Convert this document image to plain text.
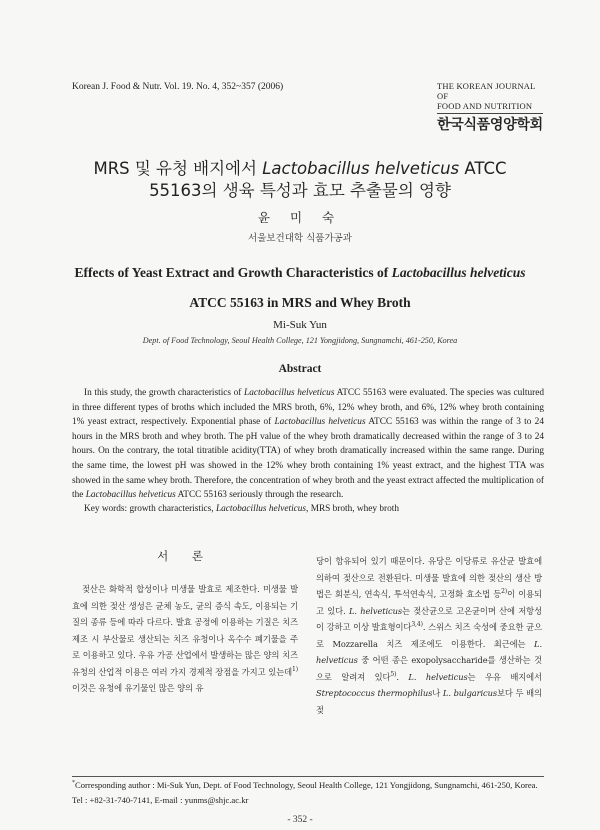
Korean J. Food & Nutr. Vol. 19. No. 4, 352~357 (2006)	THE KOREAN JOURNAL OF
FOOD AND NUTRITION
한국식품영양학회
MRS 및 유청 배지에서 Lactobacillus helveticus ATCC
55163의 생육 특성과 효모 추출물의 영향
윤 미 숙
서울보건대학 식품가공과
Effects of Yeast Extract and Growth Characteristics of Lactobacillus helveticus
ATCC 55163 in MRS and Whey Broth
Mi-Suk Yun
Dept. of Food Technology, Seoul Health College, 121 Yongjidong, Sungnamchi, 461-250, Korea
Abstract
In this study, the growth characteristics of Lactobacillus helveticus ATCC 55163 were evaluated. The species was cultured in three different types of broths which included the MRS broth, 6%, 12% whey broth, and 6%, 12% whey broth containing 1% yeast extract, respectively. Exponential phase of Lactobacillus helveticus ATCC 55163 was within the range of 3 to 24 hours in the MRS broth and whey broth. The pH value of the whey broth dramatically decreased within the range of 3 to 24 hours. On the contrary, the total titratible acidity(TTA) of whey broth dramatically increased within the same range. During the same time, the lowest pH was showed in the 12% whey broth containing 1% yeast extract, and the highest TTA was showed in the same whey broth. Therefore, the concentration of whey broth and the yeast extract affected the multiplication of the Lactobacillus helveticus ATCC 55163 seriously through the research.
Key words: growth characteristics, Lactobacillus helveticus, MRS broth, whey broth
서 론
젖산은 화학적 합성이나 미생물 발효로 제조한다. 미생물 발효에 의한 젖산 생성은 균체 농도, 균의 증식 속도, 이용되는 기질의 종류 등에 따라 다르다. 발효 공정에 이용하는 기질은 치즈 제조 시 부산물로 생산되는 치즈 유청이나 옥수수 폐기물을 주로 이용하고 있다. 우유 가공 산업에서 발생하는 많은 양의 치즈 유청의 산업적 이용은 여러 가지 경제적 장점을 가지고 있는데$^{1)}$ 이것은 유청에 유기물인 많은 양의 유
당이 함유되어 있기 때문이다. 유당은 이당류로 유산균 발효에 의하여 젖산으로 전환된다. 미생물 발효에 의한 젖산의 생산 방법은 회분식, 연속식, 투석연속식, 고정화 효소법 등$^{2)}$이 이용되고 있다. L. helveticus는 젖산균으로 고온균이며 산에 저항성이 강하고 이상 발효형이다$^{3,4)}$. 스위스 치즈 숙성에 중요한 균으로 Mozzarella 치즈 제조에도 이용한다. 최근에는 L. helveticus 중 어떤 종은 exopolysaccharide를 생산하는 것으로 알려져 있다$^{5)}$. L. helveticus는 우유 배지에서 Streptococcus thermophilus나 L. bulgaricus보다 두 배의 젖
*Corresponding author : Mi-Suk Yun, Dept. of Food Technology, Seoul Health College, 121 Yongjidong, Sungnamchi, 461-250, Korea.
Tel : +82-31-740-7141, E-mail : yunms@shjc.ac.kr
- 352 -
